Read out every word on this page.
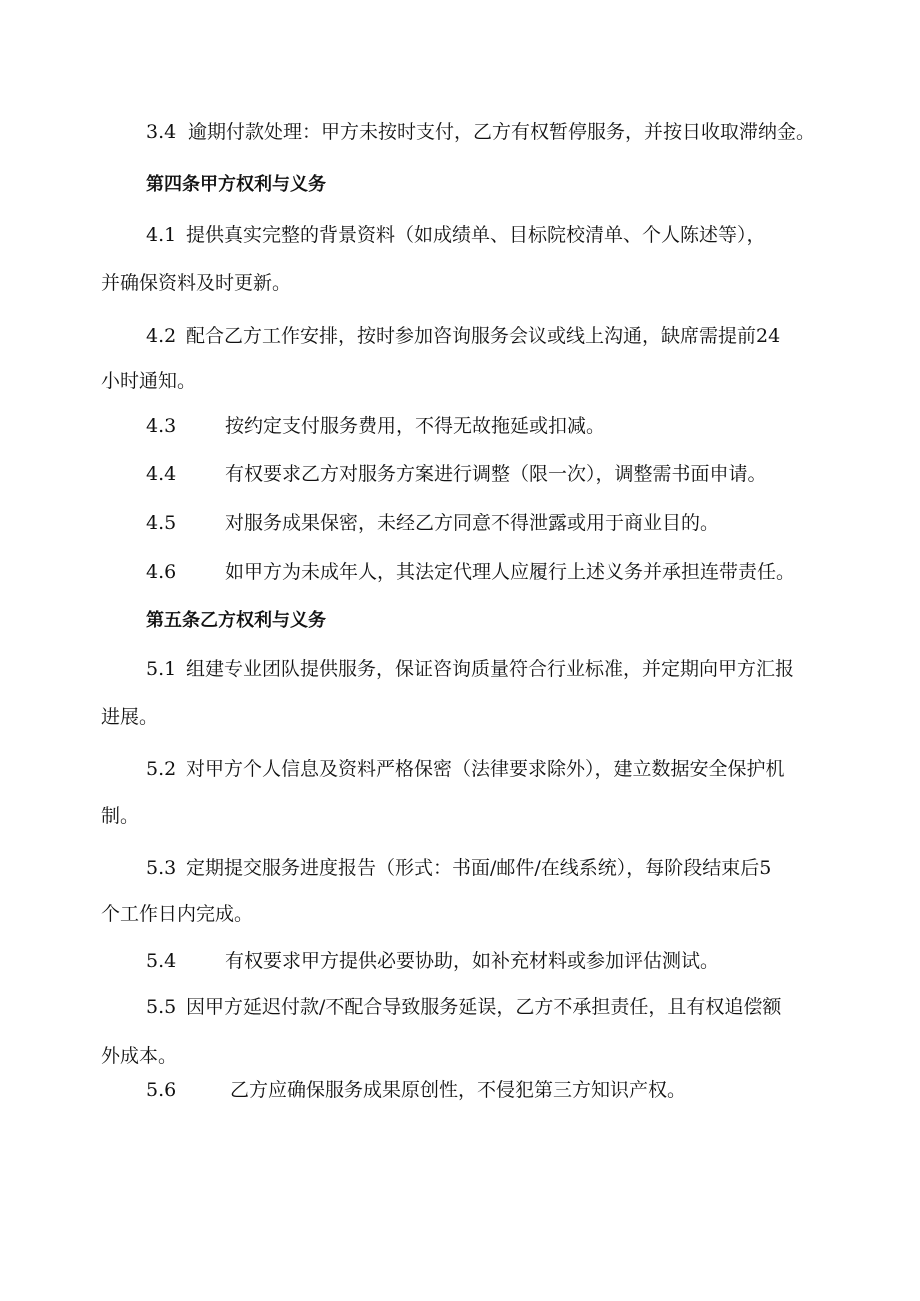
3.4

逾期付款处理：甲方未按时支付，乙方有权暂停服务，并按日收取滞纳金。

第四条甲方权利与义务

4.1

提供真实完整的背景资料（如成绩单、目标院校清单、个人陈述等），

并确保资料及时更新。

4.2

配合乙方工作安排，按时参加咨询服务会议或线上沟通，缺席需提前24

小时通知。

4.3

	按约定支付服务费用，不得无故拖延或扣减。

4.4

	有权要求乙方对服务方案进行调整（限一次），调整需书面申请。

4.5

	对服务成果保密，未经乙方同意不得泄露或用于商业目的。

4.6

	如甲方为未成年人，其法定代理人应履行上述义务并承担连带责任。

第五条乙方权利与义务

5.1

组建专业团队提供服务，保证咨询质量符合行业标准，并定期向甲方汇报

进展。

5.2

对甲方个人信息及资料严格保密（法律要求除外），建立数据安全保护机

制。

5.3

定期提交服务进度报告（形式：书面/邮件/在线系统），每阶段结束后5

个工作日内完成。

5.4

	有权要求甲方提供必要协助，如补充材料或参加评估测试。

5.5

因甲方延迟付款/不配合导致服务延误，乙方不承担责任，且有权追偿额

外成本。

5.6

	乙方应确保服务成果原创性，不侵犯第三方知识产权。
